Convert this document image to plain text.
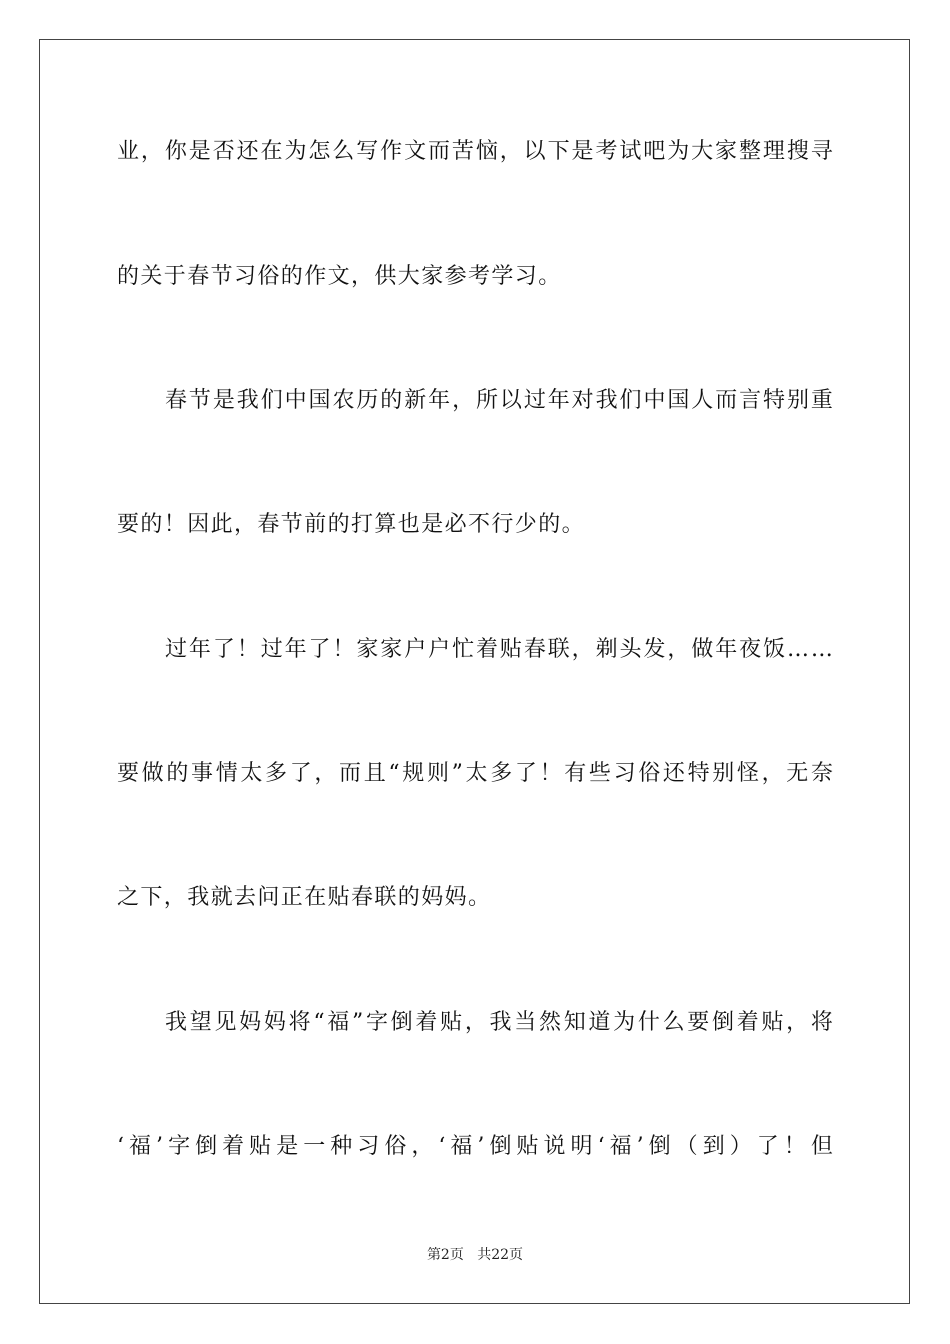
业 ， 你 是 否 还 在 为 怎 么 写 作 文 而 苦 恼 ， 以 下 是 考 试 吧 为 大 家 整 理 搜 寻
的关于春节习俗的作文，供大家参考学习。
春 节 是 我 们 中 国 农 历 的 新 年 ， 所 以 过 年 对 我 们 中 国 人 而 言 特 别 重
要的！因此，春节前的打算也是必不行少的。
过 年 了 ！ 过 年 了 ！ 家 家 户 户 忙 着 贴 春 联 ， 剃 头 发 ， 做 年 夜 饭 … …
要 做 的 事 情 太 多 了 ， 而 且 “ 规 则 ” 太 多 了 ！ 有 些 习 俗 还 特 别 怪 ， 无 奈
之下，我就去问正在贴春联的妈妈。
我 望 见 妈 妈 将 “ 福 ” 字 倒 着 贴 ， 我 当 然 知 道 为 什 么 要 倒 着 贴 ， 将
‘ 福 ’ 字 倒 着 贴 是 一 种 习 俗 ， ‘ 福 ’ 倒 贴 说 明 ‘ 福 ’ 倒 （ 到 ） 了 ！ 但
第2页 共22页
